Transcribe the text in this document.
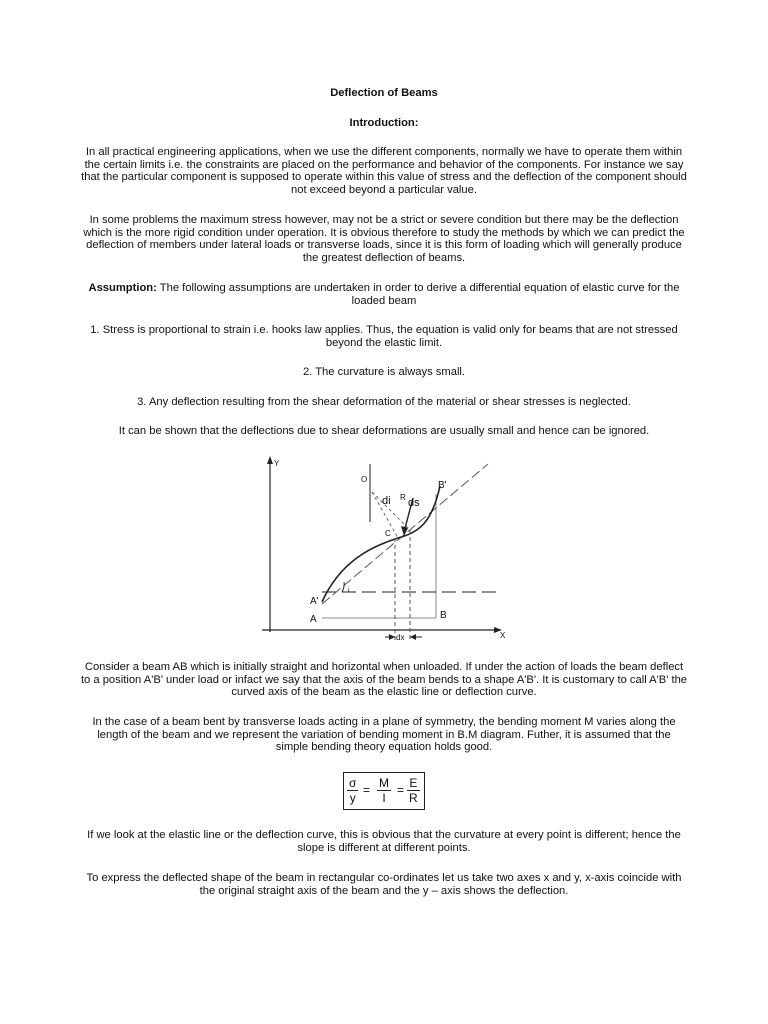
Deflection of Beams

Introduction:

In all practical engineering applications, when we use the different components, normally we have to operate them within the certain limits i.e. the constraints are placed on the performance and behavior of the components. For instance we say that the particular component is supposed to operate within this value of stress and the deflection of the component should not exceed beyond a particular value.

In some problems the maximum stress however, may not be a strict or severe condition but there may be the deflection which is the more rigid condition under operation. It is obvious therefore to study the methods by which we can predict the deflection of members under lateral loads or transverse loads, since it is this form of loading which will generally produce the greatest deflection of beams.

Assumption: The following assumptions are undertaken in order to derive a differential equation of elastic curve for the loaded beam

1. Stress is proportional to strain i.e. hooks law applies. Thus, the equation is valid only for beams that are not stressed beyond the elastic limit.

2. The curvature is always small.

3. Any deflection resulting from the shear deformation of the material or shear stresses is neglected.

It can be shown that the deflections due to shear deformations are usually small and hence can be ignored.

Y
X
O
di R ds
B'
A'
A	B
C
i
dx

Consider a beam AB which is initially straight and horizontal when unloaded. If under the action of loads the beam deflect to a position A'B' under load or infact we say that the axis of the beam bends to a shape A'B'. It is customary to call A'B' the curved axis of the beam as the elastic line or deflection curve.

In the case of a beam bent by transverse loads acting in a plane of symmetry, the bending moment M varies along the length of the beam and we represent the variation of bending moment in B.M diagram. Futher, it is assumed that the simple bending theory equation holds good.

$\frac{\sigma}{y} = \frac{M}{I} = \frac{E}{R}$

If we look at the elastic line or the deflection curve, this is obvious that the curvature at every point is different; hence the slope is different at different points.

To express the deflected shape of the beam in rectangular co-ordinates let us take two axes x and y, x-axis coincide with the original straight axis of the beam and the y – axis shows the deflection.
